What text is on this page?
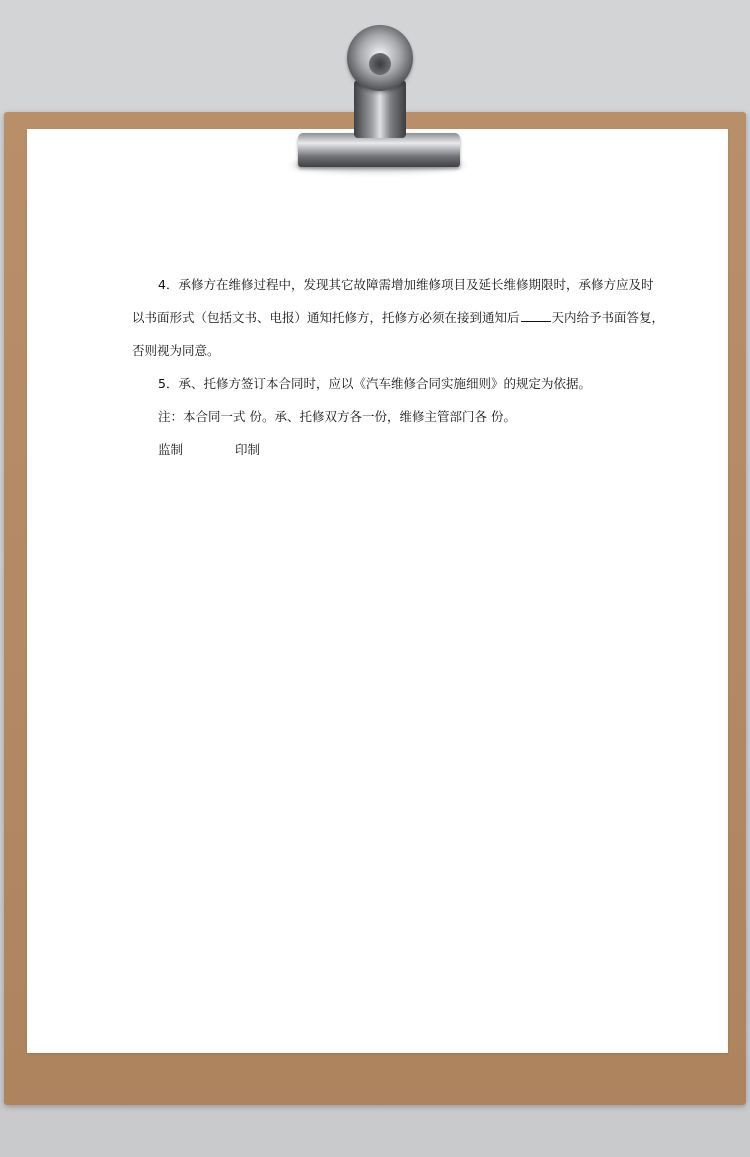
4．承修方在维修过程中，发现其它故障需增加维修项目及延长维修期限时，承修方应及时

以书面形式（包括文书、电报）通知托修方，托修方必须在接到通知后	天内给予书面答复，

否则视为同意。

5．承、托修方签订本合同时，应以《汽车维修合同实施细则》的规定为依据。

注：本合同一式 份。承、托修双方各一份，维修主管部门各 份。

监制	印制
